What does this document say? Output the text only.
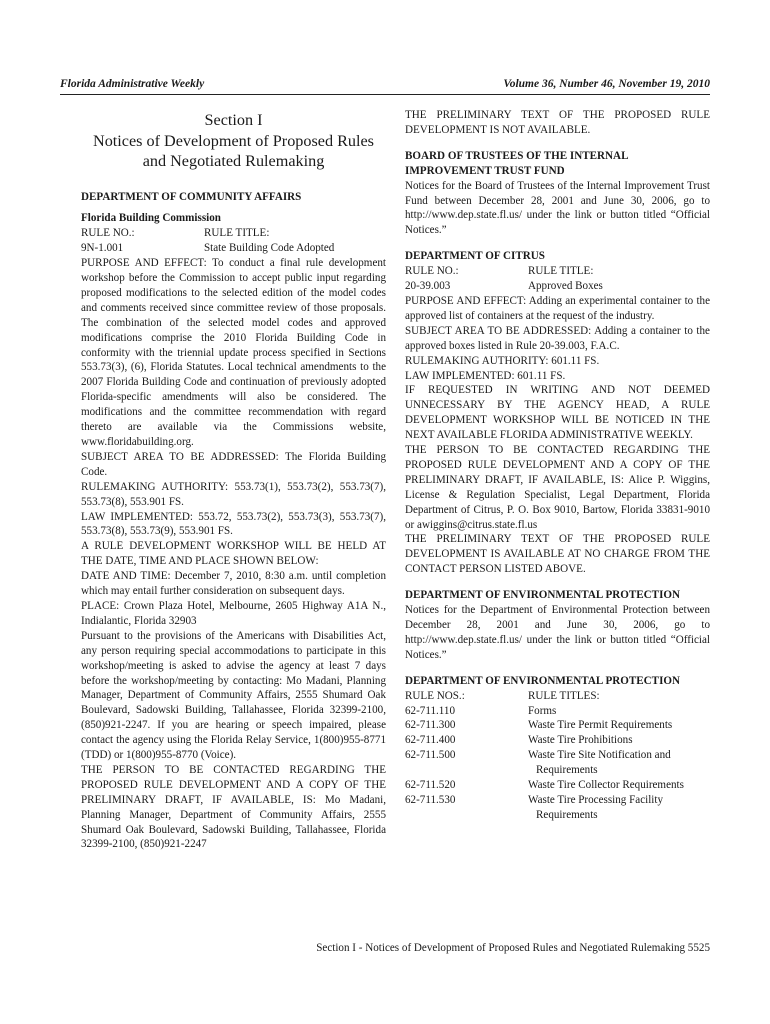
Florida Administrative Weekly	Volume 36, Number 46, November 19, 2010
Section I
Notices of Development of Proposed Rules
and Negotiated Rulemaking

DEPARTMENT OF COMMUNITY AFFAIRS

Florida Building Commission

RULE NO.:	RULE TITLE:
9N-1.001	State Building Code Adopted

PURPOSE AND EFFECT: To conduct a final rule development workshop before the Commission to accept public input regarding proposed modifications to the selected edition of the model codes and comments received since committee review of those proposals. The combination of the selected model codes and approved modifications comprise the 2010 Florida Building Code in conformity with the triennial update process specified in Sections 553.73(3), (6), Florida Statutes. Local technical amendments to the 2007 Florida Building Code and continuation of previously adopted Florida-specific amendments will also be considered. The modifications and the committee recommendation with regard thereto are available via the Commissions website, www.floridabuilding.org.

SUBJECT AREA TO BE ADDRESSED: The Florida Building Code.

RULEMAKING AUTHORITY: 553.73(1), 553.73(2), 553.73(7), 553.73(8), 553.901 FS.

LAW IMPLEMENTED: 553.72, 553.73(2), 553.73(3), 553.73(7), 553.73(8), 553.73(9), 553.901 FS.

A RULE DEVELOPMENT WORKSHOP WILL BE HELD AT THE DATE, TIME AND PLACE SHOWN BELOW:

DATE AND TIME: December 7, 2010, 8:30 a.m. until completion which may entail further consideration on subsequent days.

PLACE: Crown Plaza Hotel, Melbourne, 2605 Highway A1A N., Indialantic, Florida 32903

Pursuant to the provisions of the Americans with Disabilities Act, any person requiring special accommodations to participate in this workshop/meeting is asked to advise the agency at least 7 days before the workshop/meeting by contacting: Mo Madani, Planning Manager, Department of Community Affairs, 2555 Shumard Oak Boulevard, Sadowski Building, Tallahassee, Florida 32399-2100, (850)921-2247. If you are hearing or speech impaired, please contact the agency using the Florida Relay Service, 1(800)955-8771 (TDD) or 1(800)955-8770 (Voice).

THE PERSON TO BE CONTACTED REGARDING THE PROPOSED RULE DEVELOPMENT AND A COPY OF THE PRELIMINARY DRAFT, IF AVAILABLE, IS: Mo Madani, Planning Manager, Department of Community Affairs, 2555 Shumard Oak Boulevard, Sadowski Building, Tallahassee, Florida 32399-2100, (850)921-2247

THE PRELIMINARY TEXT OF THE PROPOSED RULE DEVELOPMENT IS NOT AVAILABLE.

BOARD OF TRUSTEES OF THE INTERNAL IMPROVEMENT TRUST FUND

Notices for the Board of Trustees of the Internal Improvement Trust Fund between December 28, 2001 and June 30, 2006, go to http://www.dep.state.fl.us/ under the link or button titled “Official Notices.”

DEPARTMENT OF CITRUS

RULE NO.:	RULE TITLE:
20-39.003	Approved Boxes

PURPOSE AND EFFECT: Adding an experimental container to the approved list of containers at the request of the industry.

SUBJECT AREA TO BE ADDRESSED: Adding a container to the approved boxes listed in Rule 20-39.003, F.A.C.

RULEMAKING AUTHORITY: 601.11 FS.

LAW IMPLEMENTED: 601.11 FS.

IF REQUESTED IN WRITING AND NOT DEEMED UNNECESSARY BY THE AGENCY HEAD, A RULE DEVELOPMENT WORKSHOP WILL BE NOTICED IN THE NEXT AVAILABLE FLORIDA ADMINISTRATIVE WEEKLY.

THE PERSON TO BE CONTACTED REGARDING THE PROPOSED RULE DEVELOPMENT AND A COPY OF THE PRELIMINARY DRAFT, IF AVAILABLE, IS: Alice P. Wiggins, License & Regulation Specialist, Legal Department, Florida Department of Citrus, P. O. Box 9010, Bartow, Florida 33831-9010 or awiggins@citrus.state.fl.us

THE PRELIMINARY TEXT OF THE PROPOSED RULE DEVELOPMENT IS AVAILABLE AT NO CHARGE FROM THE CONTACT PERSON LISTED ABOVE.

DEPARTMENT OF ENVIRONMENTAL PROTECTION

Notices for the Department of Environmental Protection between December 28, 2001 and June 30, 2006, go to http://www.dep.state.fl.us/ under the link or button titled “Official Notices.”

DEPARTMENT OF ENVIRONMENTAL PROTECTION

RULE NOS.:	RULE TITLES:
62-711.110	Forms
62-711.300	Waste Tire Permit Requirements
62-711.400	Waste Tire Prohibitions
62-711.500	Waste Tire Site Notification and
Requirements
62-711.520	Waste Tire Collector Requirements
62-711.530	Waste Tire Processing Facility
Requirements
Section I - Notices of Development of Proposed Rules and Negotiated Rulemaking 5525
